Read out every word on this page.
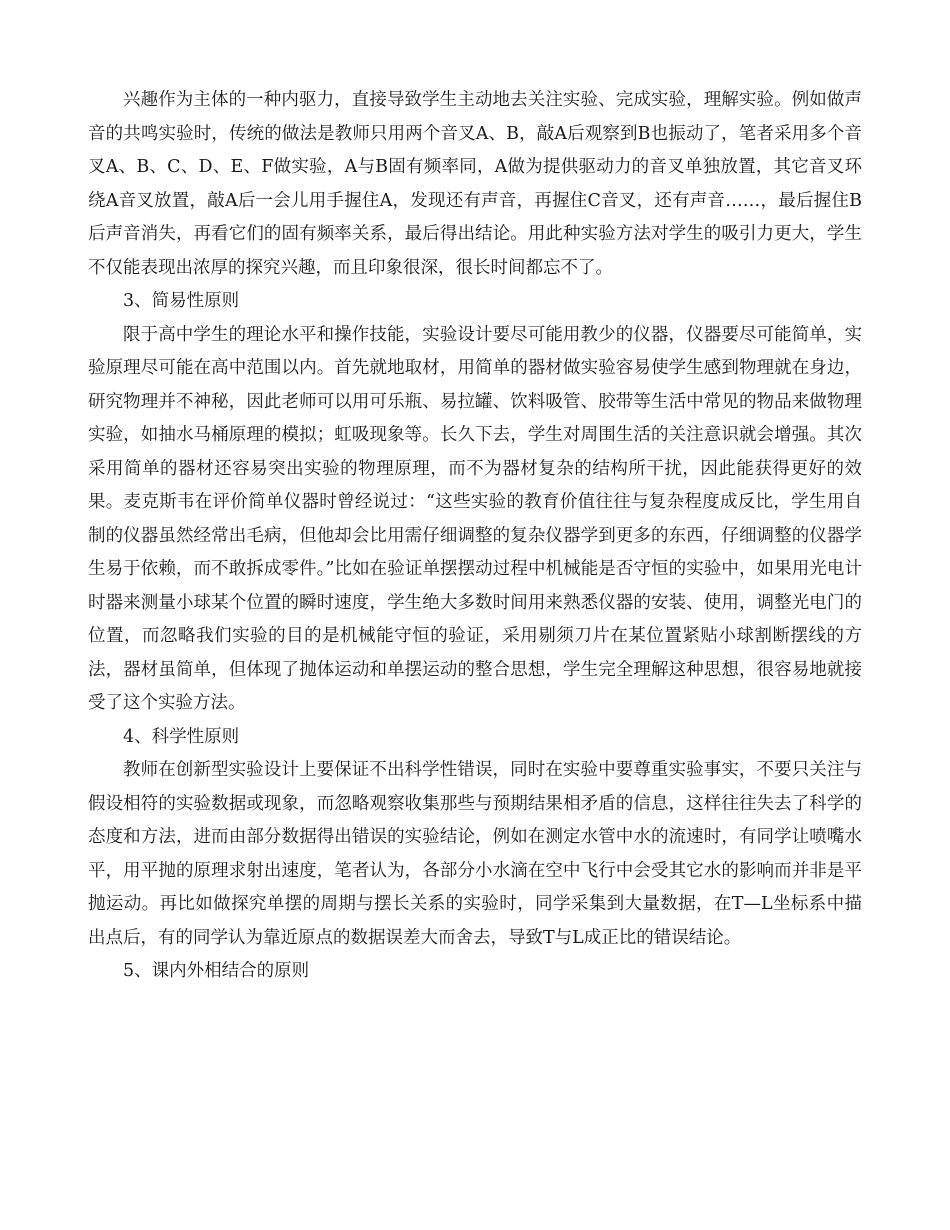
兴趣作为主体的一种内驱力，直接导致学生主动地去关注实验、完成实验，理解实验。例如做声音的共鸣实验时，传统的做法是教师只用两个音叉A、B，敲A后观察到B也振动了，笔者采用多个音叉A、B、C、D、E、F做实验，A与B固有频率同，A做为提供驱动力的音叉单独放置，其它音叉环绕A音叉放置，敲A后一会儿用手握住A，发现还有声音，再握住C音叉，还有声音……，最后握住B后声音消失，再看它们的固有频率关系，最后得出结论。用此种实验方法对学生的吸引力更大，学生不仅能表现出浓厚的探究兴趣，而且印象很深，很长时间都忘不了。

3、简易性原则

限于高中学生的理论水平和操作技能，实验设计要尽可能用教少的仪器，仪器要尽可能简单，实验原理尽可能在高中范围以内。首先就地取材，用简单的器材做实验容易使学生感到物理就在身边，研究物理并不神秘，因此老师可以用可乐瓶、易拉罐、饮料吸管、胶带等生活中常见的物品来做物理实验，如抽水马桶原理的模拟；虹吸现象等。长久下去，学生对周围生活的关注意识就会增强。其次采用简单的器材还容易突出实验的物理原理，而不为器材复杂的结构所干扰，因此能获得更好的效果。麦克斯韦在评价简单仪器时曾经说过：“这些实验的教育价值往往与复杂程度成反比，学生用自制的仪器虽然经常出毛病，但他却会比用需仔细调整的复杂仪器学到更多的东西，仔细调整的仪器学生易于依赖，而不敢拆成零件。”比如在验证单摆摆动过程中机械能是否守恒的实验中，如果用光电计时器来测量小球某个位置的瞬时速度，学生绝大多数时间用来熟悉仪器的安装、使用，调整光电门的位置，而忽略我们实验的目的是机械能守恒的验证，采用剔须刀片在某位置紧贴小球割断摆线的方法，器材虽简单，但体现了抛体运动和单摆运动的整合思想，学生完全理解这种思想，很容易地就接受了这个实验方法。

4、科学性原则

教师在创新型实验设计上要保证不出科学性错误，同时在实验中要尊重实验事实，不要只关注与假设相符的实验数据或现象，而忽略观察收集那些与预期结果相矛盾的信息，这样往往失去了科学的态度和方法，进而由部分数据得出错误的实验结论，例如在测定水管中水的流速时，有同学让喷嘴水平，用平抛的原理求射出速度，笔者认为，各部分小水滴在空中飞行中会受其它水的影响而并非是平抛运动。再比如做探究单摆的周期与摆长关系的实验时，同学采集到大量数据，在T—L坐标系中描出点后，有的同学认为靠近原点的数据误差大而舍去，导致T与L成正比的错误结论。

5、课内外相结合的原则
